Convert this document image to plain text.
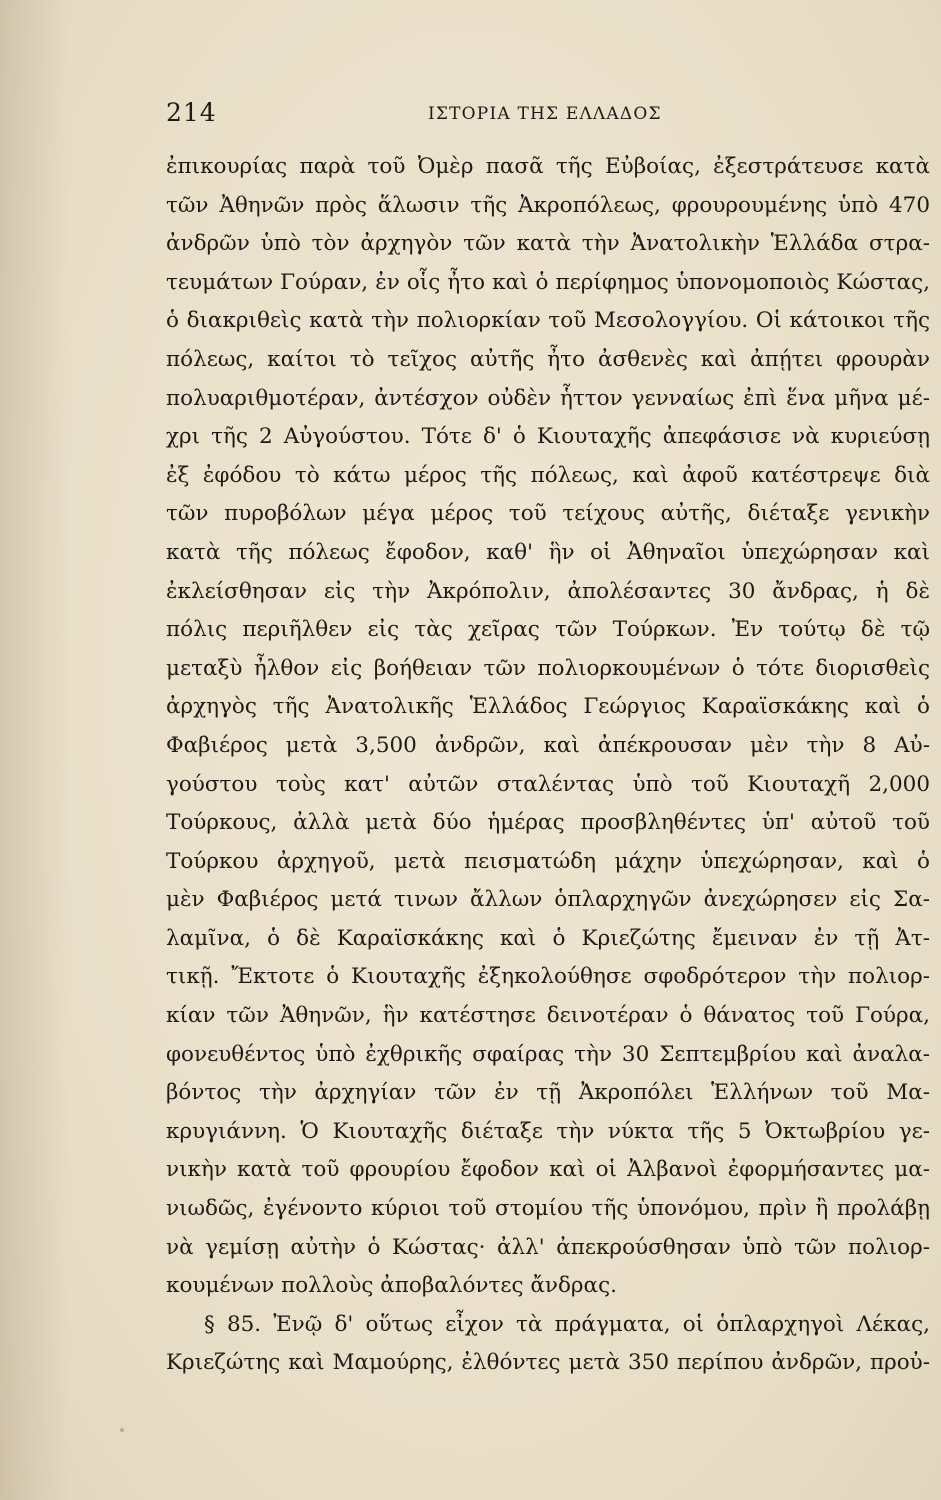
214	ΙΣΤΟΡΙΑ ΤΗΣ ΕΛΛΑΔΟΣ
ἐπικουρίας παρὰ τοῦ Ὀμὲρ πασᾶ τῆς Εὐβοίας, ἐξεστράτευσε κατὰ
τῶν Ἀθηνῶν πρὸς ἅλωσιν τῆς Ἀκροπόλεως, φρουρουμένης ὑπὸ 470
ἀνδρῶν ὑπὸ τὸν ἀρχηγὸν τῶν κατὰ τὴν Ἀνατολικὴν Ἑλλάδα στρα-
τευμάτων Γούραν, ἐν οἷς ἦτο καὶ ὁ περίφημος ὑπονομοποιὸς Κώστας,
ὁ διακριθεὶς κατὰ τὴν πολιορκίαν τοῦ Μεσολογγίου. Οἱ κάτοικοι τῆς
πόλεως, καίτοι τὸ τεῖχος αὐτῆς ἦτο ἀσθενὲς καὶ ἀπῄτει φρουρὰν
πολυαριθμοτέραν, ἀντέσχον οὐδὲν ἧττον γενναίως ἐπὶ ἕνα μῆνα μέ-
χρι τῆς 2 Αὐγούστου. Τότε δ' ὁ Κιουταχῆς ἀπεφάσισε νὰ κυριεύσῃ
ἐξ ἐφόδου τὸ κάτω μέρος τῆς πόλεως, καὶ ἀφοῦ κατέστρεψε διὰ
τῶν πυροβόλων μέγα μέρος τοῦ τείχους αὐτῆς, διέταξε γενικὴν
κατὰ τῆς πόλεως ἔφοδον, καθ' ἣν οἱ Ἀθηναῖοι ὑπεχώρησαν καὶ
ἐκλείσθησαν εἰς τὴν Ἀκρόπολιν, ἀπολέσαντες 30 ἄνδρας, ἡ δὲ
πόλις περιῆλθεν εἰς τὰς χεῖρας τῶν Τούρκων. Ἐν τούτῳ δὲ τῷ
μεταξὺ ἦλθον εἰς βοήθειαν τῶν πολιορκουμένων ὁ τότε διορισθεὶς
ἀρχηγὸς τῆς Ἀνατολικῆς Ἑλλάδος Γεώργιος Καραϊσκάκης καὶ ὁ
Φαβιέρος μετὰ 3,500 ἀνδρῶν, καὶ ἀπέκρουσαν μὲν τὴν 8 Αὐ-
γούστου τοὺς κατ' αὐτῶν σταλέντας ὑπὸ τοῦ Κιουταχῆ 2,000
Τούρκους, ἀλλὰ μετὰ δύο ἡμέρας προσβληθέντες ὑπ' αὐτοῦ τοῦ
Τούρκου ἀρχηγοῦ, μετὰ πεισματώδη μάχην ὑπεχώρησαν, καὶ ὁ
μὲν Φαβιέρος μετά τινων ἄλλων ὁπλαρχηγῶν ἀνεχώρησεν εἰς Σα-
λαμῖνα, ὁ δὲ Καραϊσκάκης καὶ ὁ Κριεζώτης ἔμειναν ἐν τῇ Ἀτ-
τικῇ. Ἔκτοτε ὁ Κιουταχῆς ἐξηκολούθησε σφοδρότερον τὴν πολιορ-
κίαν τῶν Ἀθηνῶν, ἣν κατέστησε δεινοτέραν ὁ θάνατος τοῦ Γούρα,
φονευθέντος ὑπὸ ἐχθρικῆς σφαίρας τὴν 30 Σεπτεμβρίου καὶ ἀναλα-
βόντος τὴν ἀρχηγίαν τῶν ἐν τῇ Ἀκροπόλει Ἑλλήνων τοῦ Μα-
κρυγιάννη. Ὁ Κιουταχῆς διέταξε τὴν νύκτα τῆς 5 Ὀκτωβρίου γε-
νικὴν κατὰ τοῦ φρουρίου ἔφοδον καὶ οἱ Ἀλβανοὶ ἐφορμήσαντες μα-
νιωδῶς, ἐγένοντο κύριοι τοῦ στομίου τῆς ὑπονόμου, πρὶν ἢ προλάβῃ
νὰ γεμίσῃ αὐτὴν ὁ Κώστας· ἀλλ' ἀπεκρούσθησαν ὑπὸ τῶν πολιορ-
κουμένων πολλοὺς ἀποβαλόντες ἄνδρας.
§ 85. Ἐνῷ δ' οὕτως εἶχον τὰ πράγματα, οἱ ὁπλαρχηγοὶ Λέκας,
Κριεζώτης καὶ Μαμούρης, ἐλθόντες μετὰ 350 περίπου ἀνδρῶν, προὐ-
